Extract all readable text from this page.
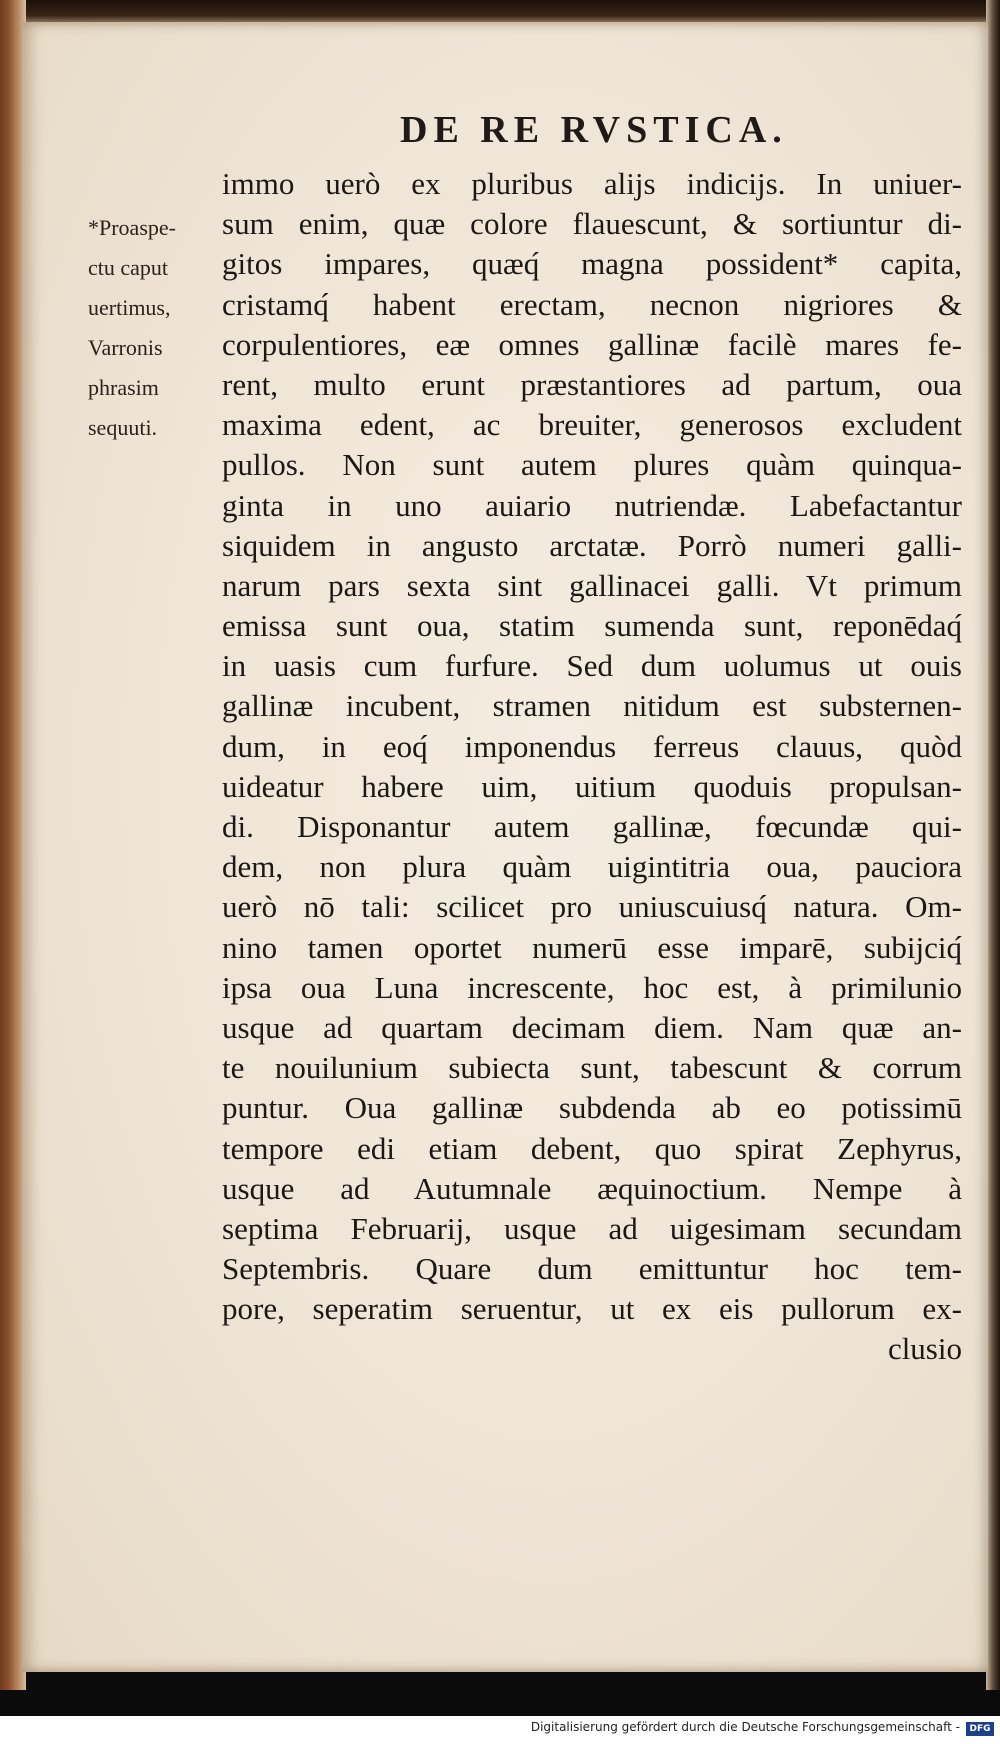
DE RE RVSTICA.
*Proaspe-
ctu caput
uertimus,
Varronis
phrasim
sequuti.
immo uerò ex pluribus alijs indicijs. In uniuer-
sum enim, quæ colore flauescunt, & sortiuntur di-
gitos impares, quæq́ magna possident* capita,
cristamq́ habent erectam, necnon nigriores &
corpulentiores, eæ omnes gallinæ facilè mares fe-
rent, multo erunt præstantiores ad partum, oua
maxima edent, ac breuiter, generosos excludent
pullos. Non sunt autem plures quàm quinqua-
ginta in uno auiario nutriendæ. Labefactantur
siquidem in angusto arctatæ. Porrò numeri galli-
narum pars sexta sint gallinacei galli. Vt primum
emissa sunt oua, statim sumenda sunt, reponēdaq́
in uasis cum furfure. Sed dum uolumus ut ouis
gallinæ incubent, stramen nitidum est substernen-
dum, in eoq́ imponendus ferreus clauus, quòd
uideatur habere uim, uitium quoduis propulsan-
di. Disponantur autem gallinæ, fœcundæ qui-
dem, non plura quàm uigintitria oua, pauciora
uerò nō tali: scilicet pro uniuscuiusq́ natura. Om-
nino tamen oportet numerū esse imparē, subijciq́
ipsa oua Luna increscente, hoc est, à primilunio
usque ad quartam decimam diem. Nam quæ an-
te nouilunium subiecta sunt, tabescunt & corrum
puntur. Oua gallinæ subdenda ab eo potissimū
tempore edi etiam debent, quo spirat Zephyrus,
usque ad Autumnale æquinoctium. Nempe à
septima Februarij, usque ad uigesimam secundam
Septembris. Quare dum emittuntur hoc tem-
pore, seperatim seruentur, ut ex eis pullorum ex-
clusio
Digitalisierung gefördert durch die Deutsche Forschungsgemeinschaft -	DFG
